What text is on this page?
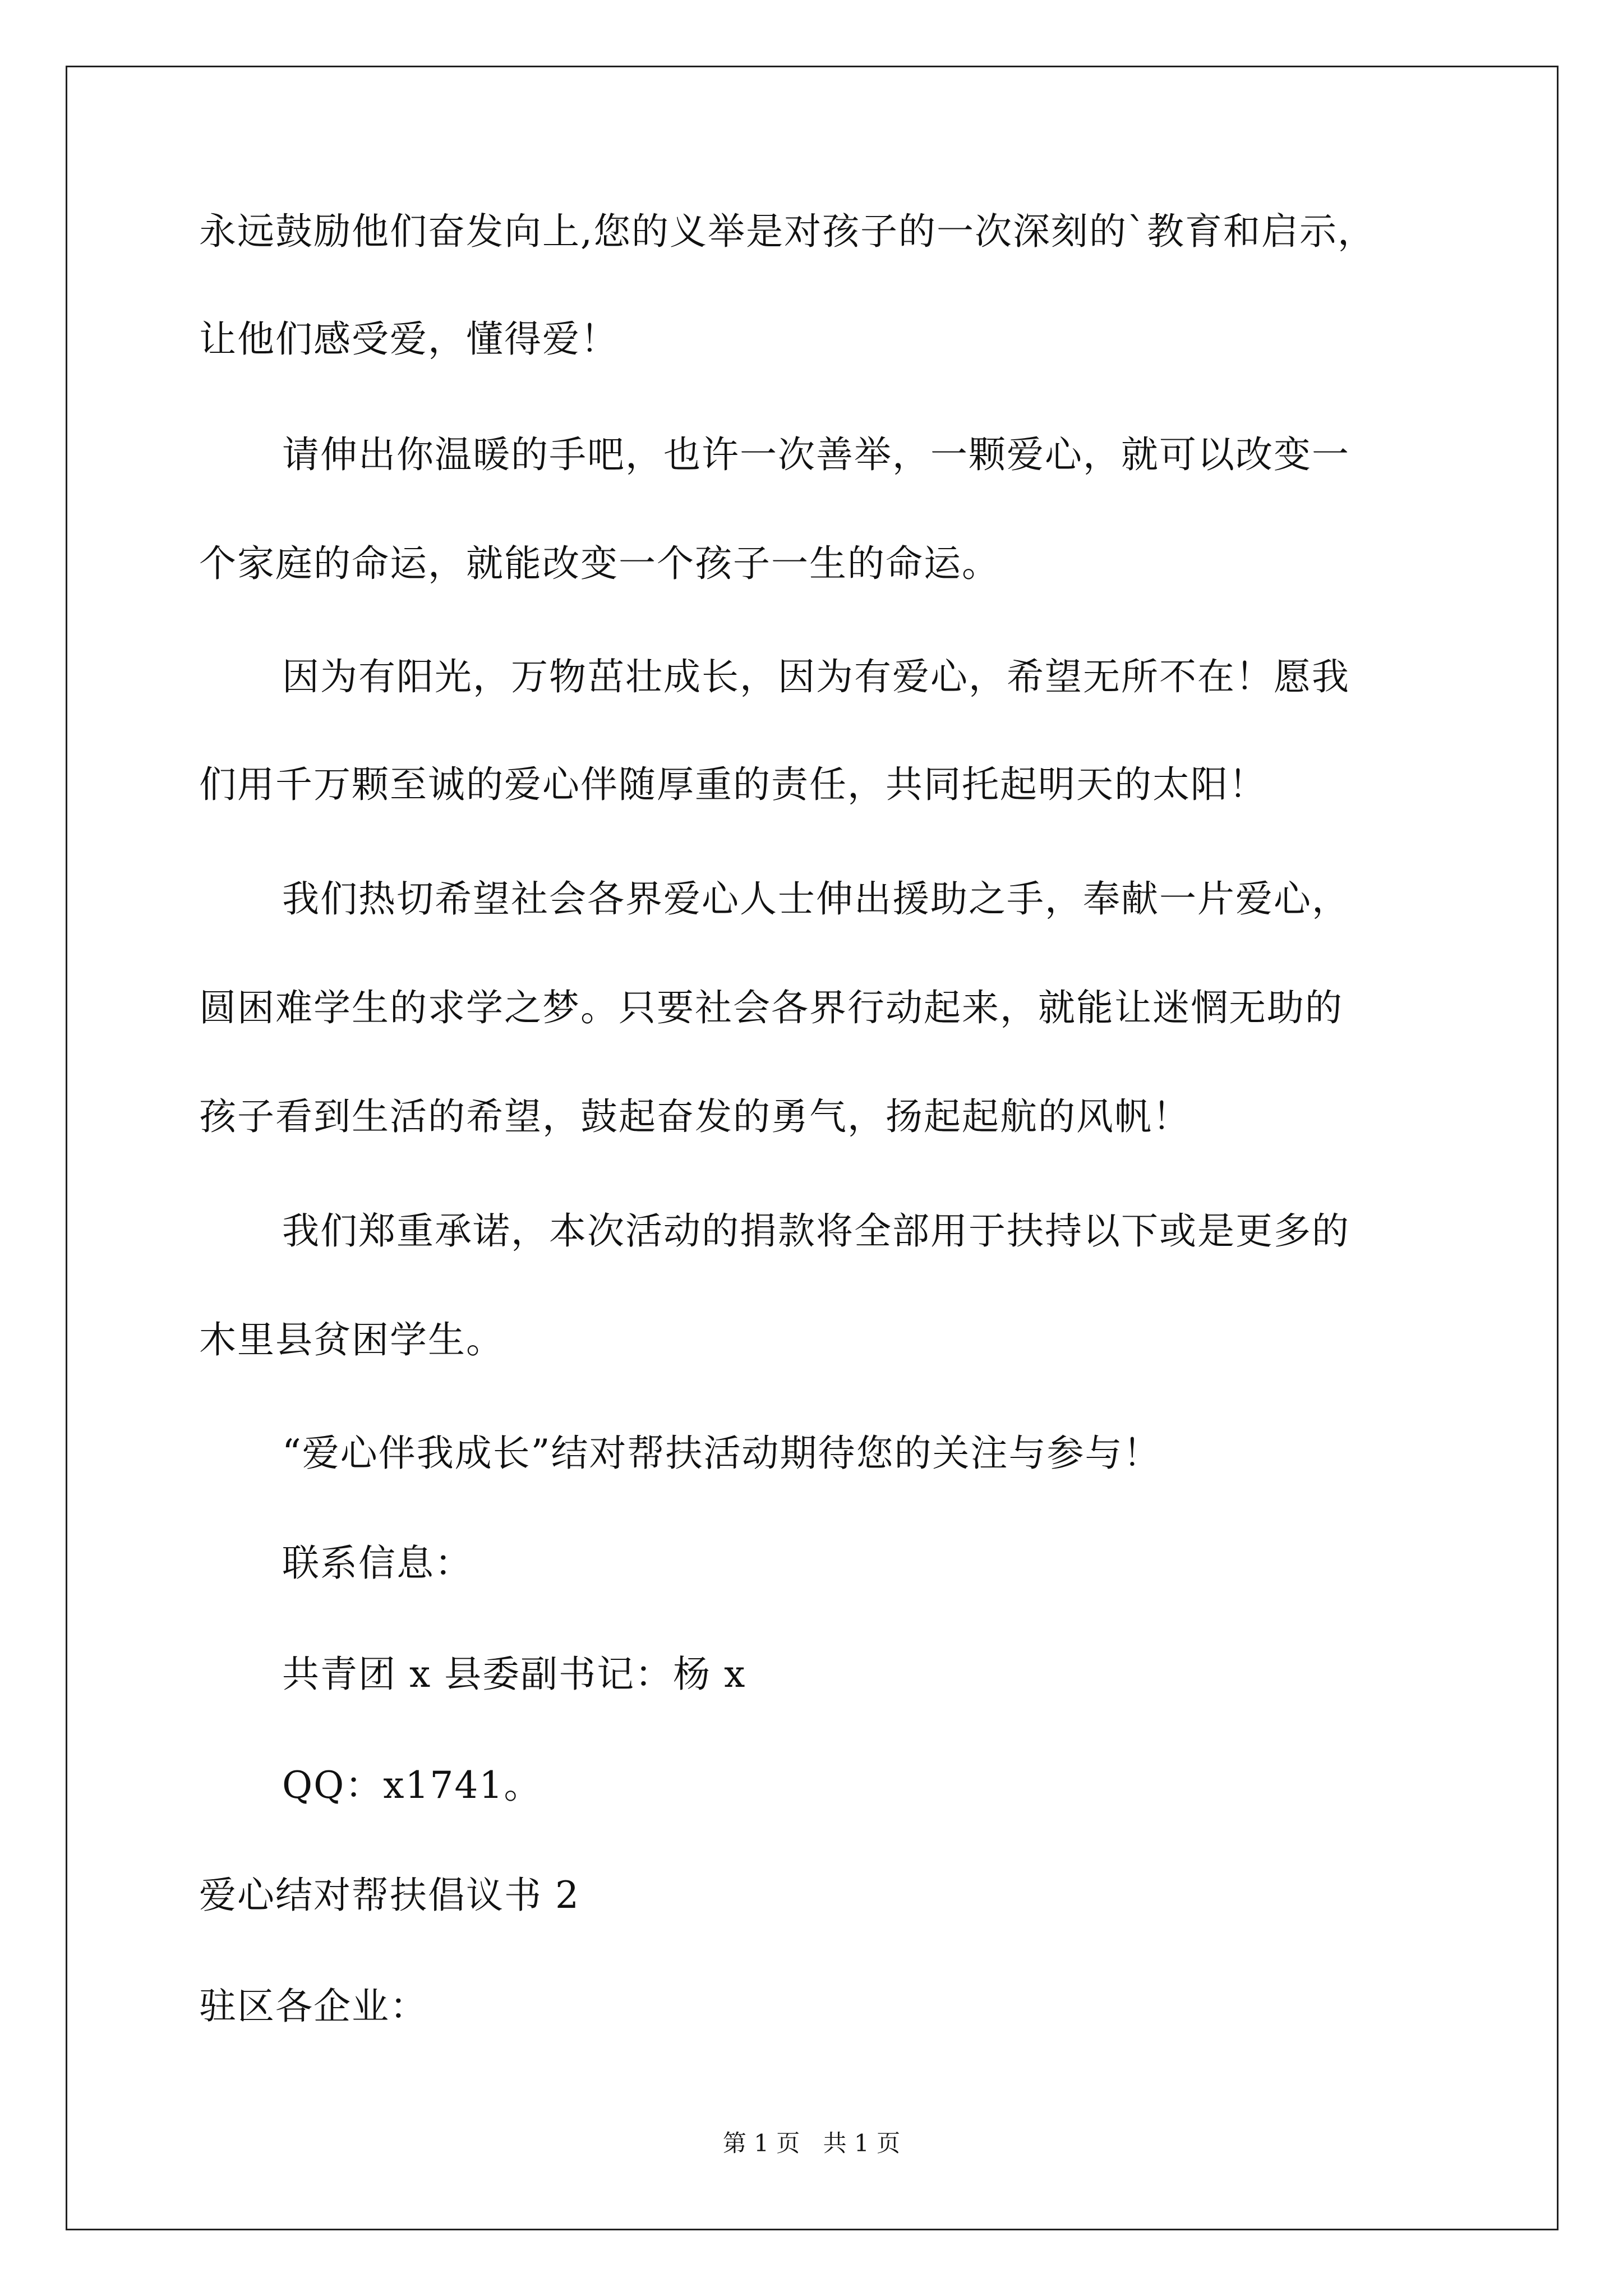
永远鼓励他们奋发向上,您的义举是对孩子的一次深刻的`教育和启示，
让他们感受爱，懂得爱！
请伸出你温暖的手吧，也许一次善举，一颗爱心，就可以改变一
个家庭的命运，就能改变一个孩子一生的命运。
因为有阳光，万物茁壮成长，因为有爱心，希望无所不在！愿我
们用千万颗至诚的爱心伴随厚重的责任，共同托起明天的太阳！
我们热切希望社会各界爱心人士伸出援助之手，奉献一片爱心，
圆困难学生的求学之梦。只要社会各界行动起来，就能让迷惘无助的
孩子看到生活的希望，鼓起奋发的勇气，扬起起航的风帆！
我们郑重承诺，本次活动的捐款将全部用于扶持以下或是更多的
木里县贫困学生。
“爱心伴我成长”结对帮扶活动期待您的关注与参与！
联系信息：
共青团 x 县委副书记：杨 x
QQ：x1741。
爱心结对帮扶倡议书 2
驻区各企业：
第 1 页 共 1 页
